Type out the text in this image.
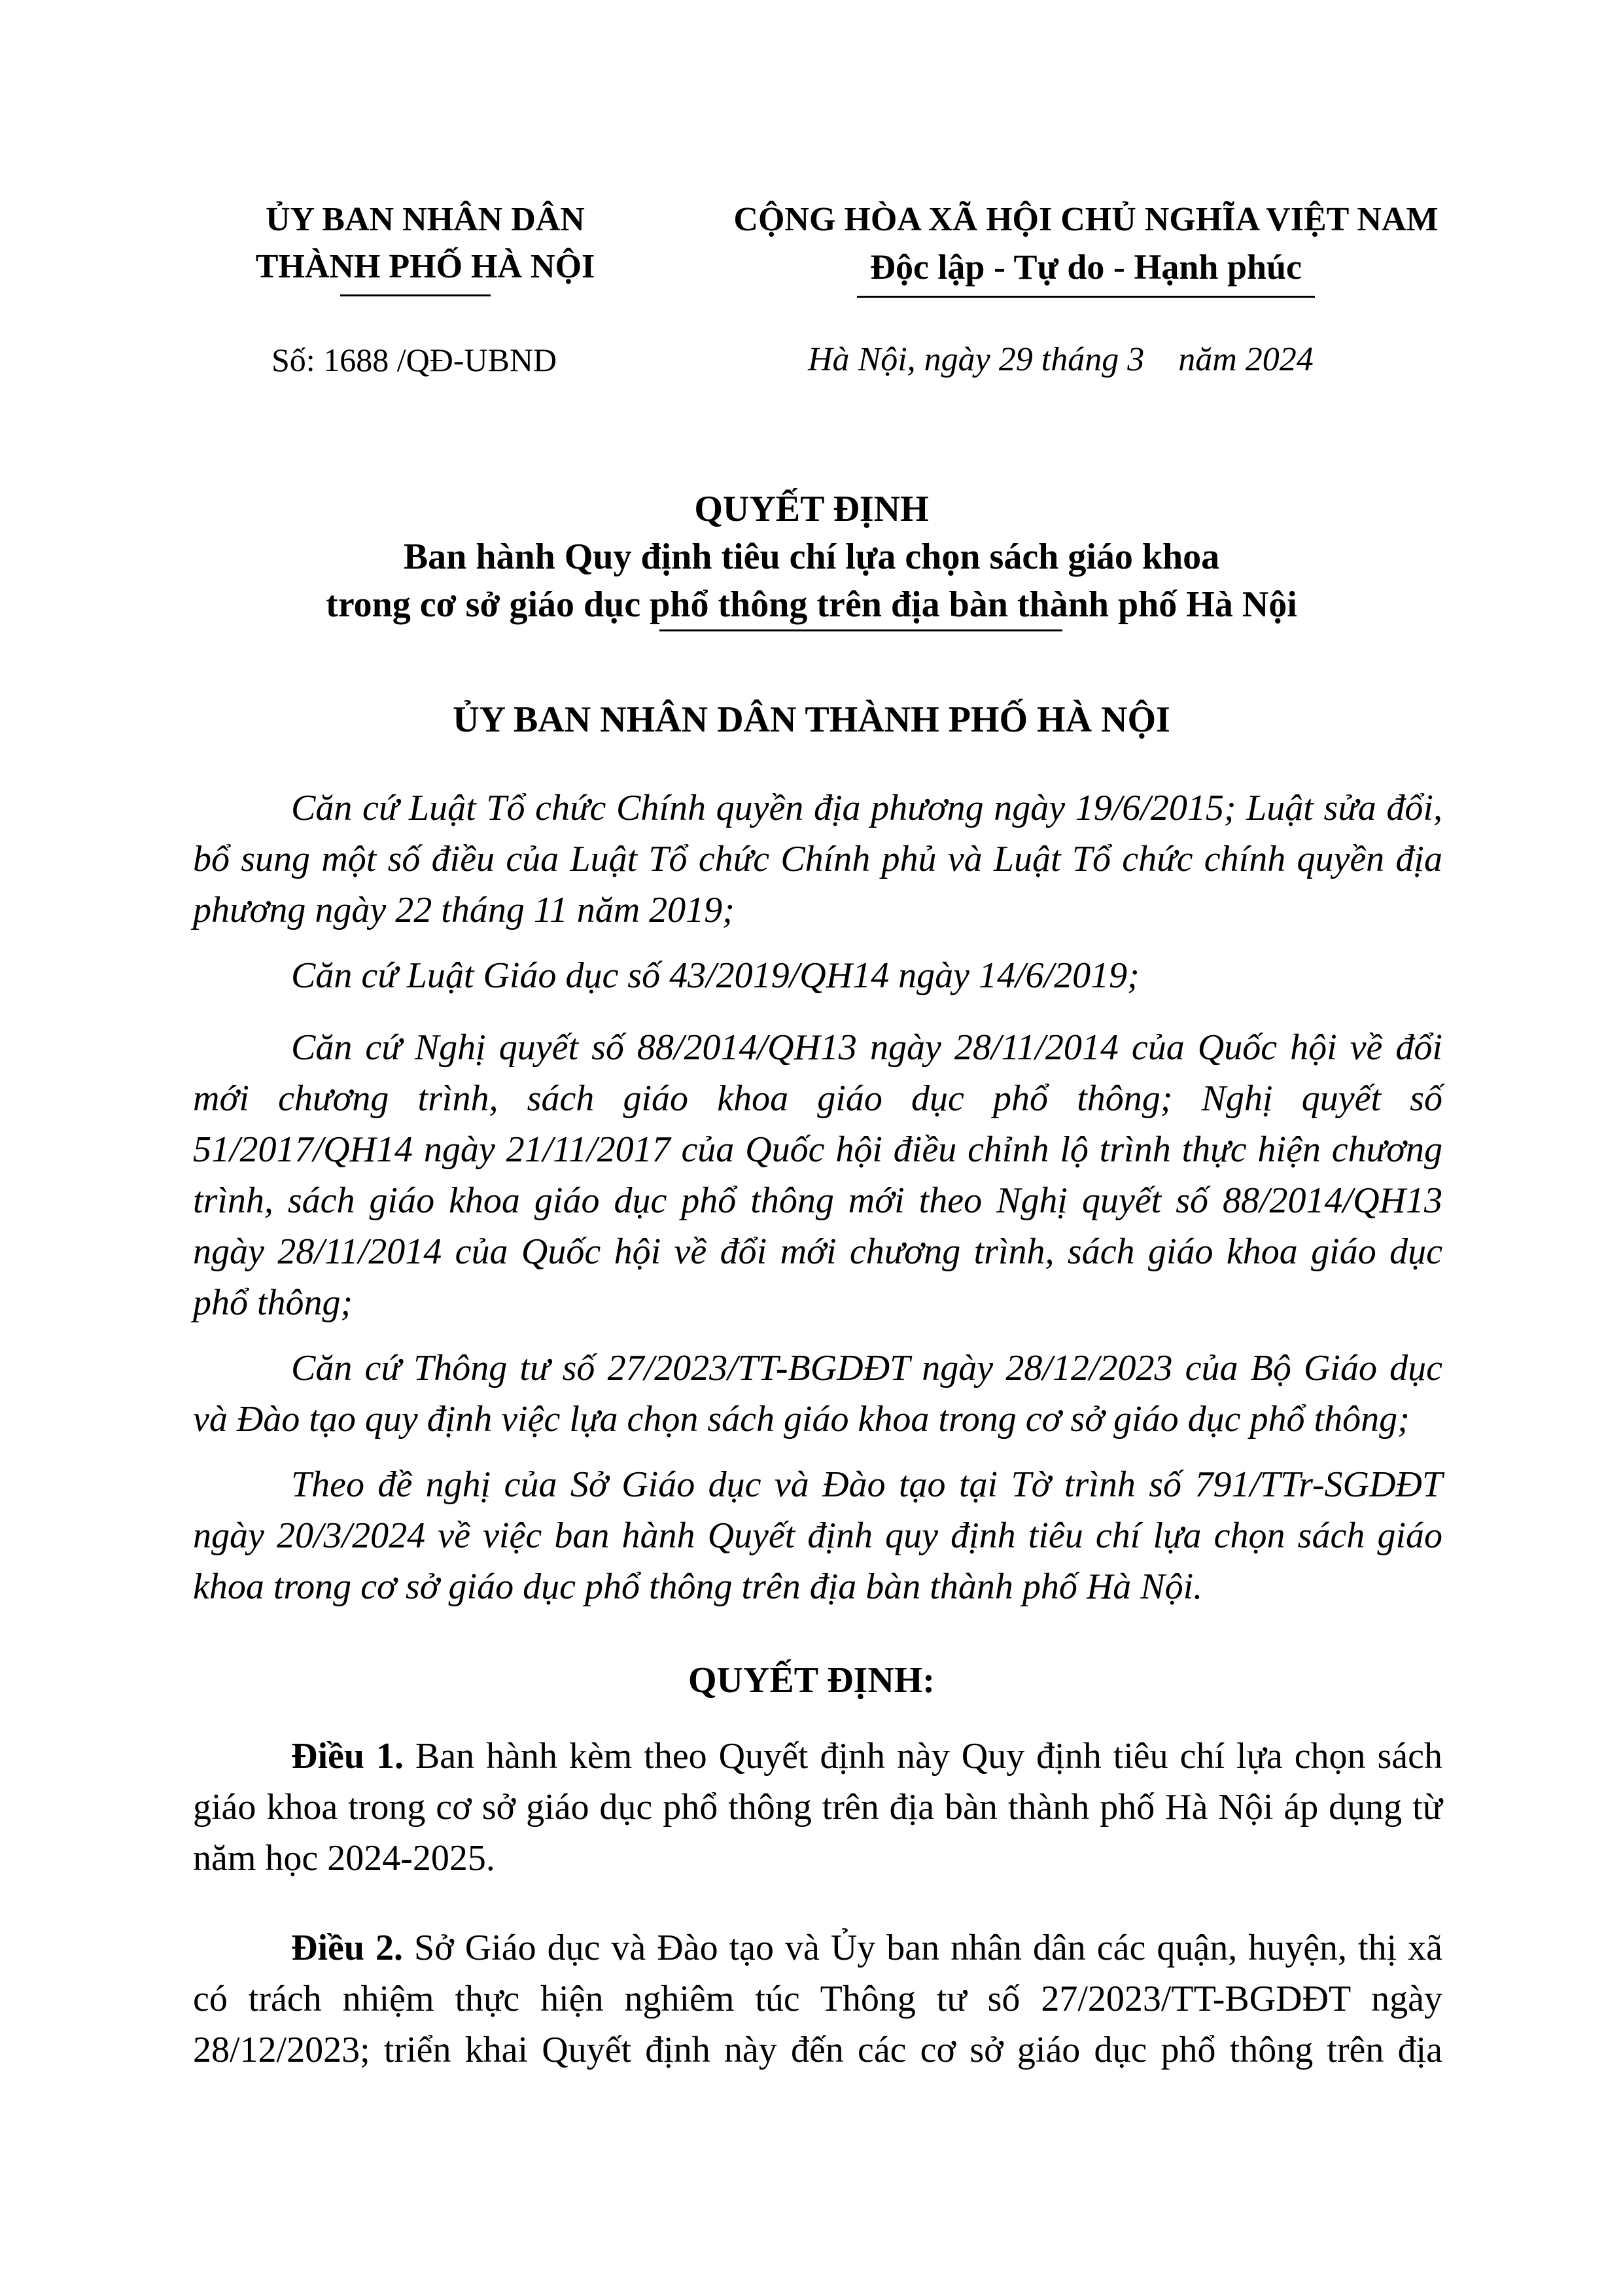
ỦY BAN NHÂN DÂN
THÀNH PHỐ HÀ NỘI
CỘNG HÒA XÃ HỘI CHỦ NGHĨA VIỆT NAM
Độc lập - Tự do - Hạnh phúc
Số: 1688 /QĐ-UBND	Hà Nội, ngày 29 tháng 3    năm 2024
QUYẾT ĐỊNH
Ban hành Quy định tiêu chí lựa chọn sách giáo khoa
trong cơ sở giáo dục phổ thông trên địa bàn thành phố Hà Nội
ỦY BAN NHÂN DÂN THÀNH PHỐ HÀ NỘI
Căn cứ Luật Tổ chức Chính quyền địa phương ngày 19/6/2015; Luật sửa đổi,
bổ sung một số điều của Luật Tổ chức Chính phủ và Luật Tổ chức chính quyền địa
phương ngày 22 tháng 11 năm 2019;
Căn cứ Luật Giáo dục số 43/2019/QH14 ngày 14/6/2019;
Căn cứ Nghị quyết số 88/2014/QH13 ngày 28/11/2014 của Quốc hội về đổi
mới chương trình, sách giáo khoa giáo dục phổ thông; Nghị quyết số
51/2017/QH14 ngày 21/11/2017 của Quốc hội điều chỉnh lộ trình thực hiện chương
trình, sách giáo khoa giáo dục phổ thông mới theo Nghị quyết số 88/2014/QH13
ngày 28/11/2014 của Quốc hội về đổi mới chương trình, sách giáo khoa giáo dục
phổ thông;
Căn cứ Thông tư số 27/2023/TT-BGDĐT ngày 28/12/2023 của Bộ Giáo dục
và Đào tạo quy định việc lựa chọn sách giáo khoa trong cơ sở giáo dục phổ thông;
Theo đề nghị của Sở Giáo dục và Đào tạo tại Tờ trình số 791/TTr-SGDĐT
ngày 20/3/2024 về việc ban hành Quyết định quy định tiêu chí lựa chọn sách giáo
khoa trong cơ sở giáo dục phổ thông trên địa bàn thành phố Hà Nội.
QUYẾT ĐỊNH:
Điều 1. Ban hành kèm theo Quyết định này Quy định tiêu chí lựa chọn sách
giáo khoa trong cơ sở giáo dục phổ thông trên địa bàn thành phố Hà Nội áp dụng từ
năm học 2024-2025.
Điều 2. Sở Giáo dục và Đào tạo và Ủy ban nhân dân các quận, huyện, thị xã
có trách nhiệm thực hiện nghiêm túc Thông tư số 27/2023/TT-BGDĐT ngày
28/12/2023; triển khai Quyết định này đến các cơ sở giáo dục phổ thông trên địa
